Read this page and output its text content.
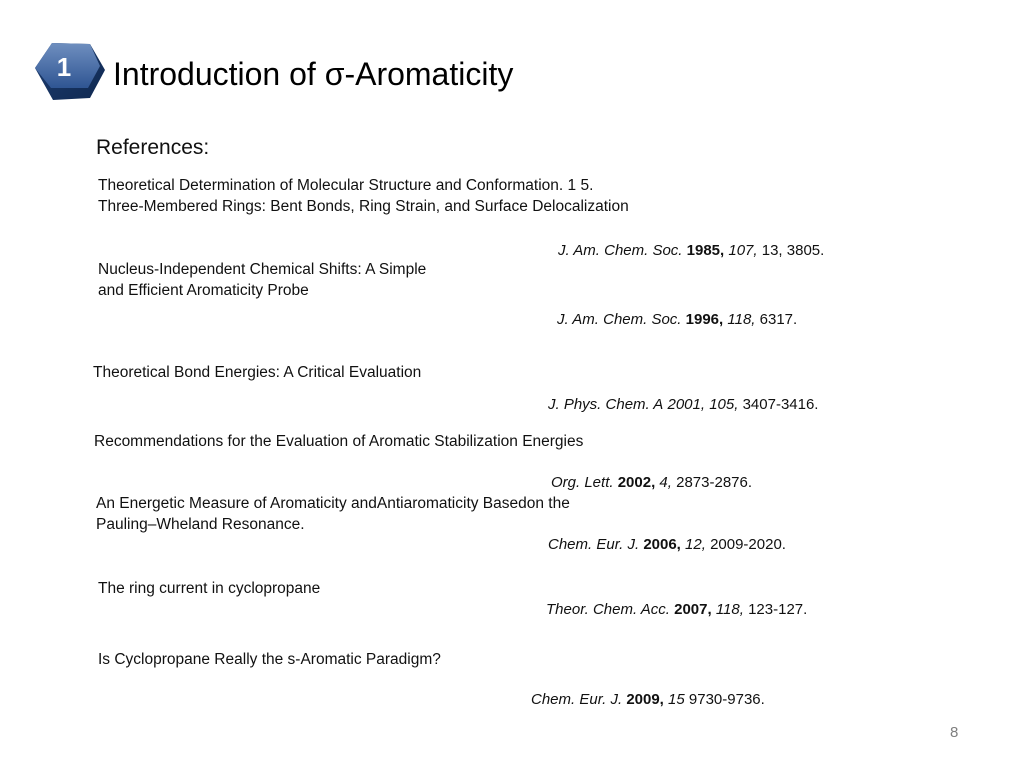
1	Introduction of σ-Aromaticity
References:
Theoretical Determination of Molecular Structure and Conformation. 1 5.
Three-Membered Rings: Bent Bonds, Ring Strain, and Surface Delocalization
J. Am. Chem. Soc. 1985, 107, 13, 3805.
Nucleus-Independent Chemical Shifts: A Simple
and Efficient Aromaticity Probe
J. Am. Chem. Soc. 1996, 118, 6317.
Theoretical Bond Energies: A Critical Evaluation
J. Phys. Chem. A 2001, 105, 3407-3416.
Recommendations for the Evaluation of Aromatic Stabilization Energies
Org. Lett. 2002, 4, 2873-2876.
An Energetic Measure of Aromaticity andAntiaromaticity Basedon the
Pauling–Wheland Resonance.
Chem. Eur. J. 2006, 12, 2009-2020.
The ring current in cyclopropane
Theor. Chem. Acc. 2007, 118, 123-127.
Is Cyclopropane Really the s-Aromatic Paradigm?
Chem. Eur. J. 2009, 15 9730-9736.
8
